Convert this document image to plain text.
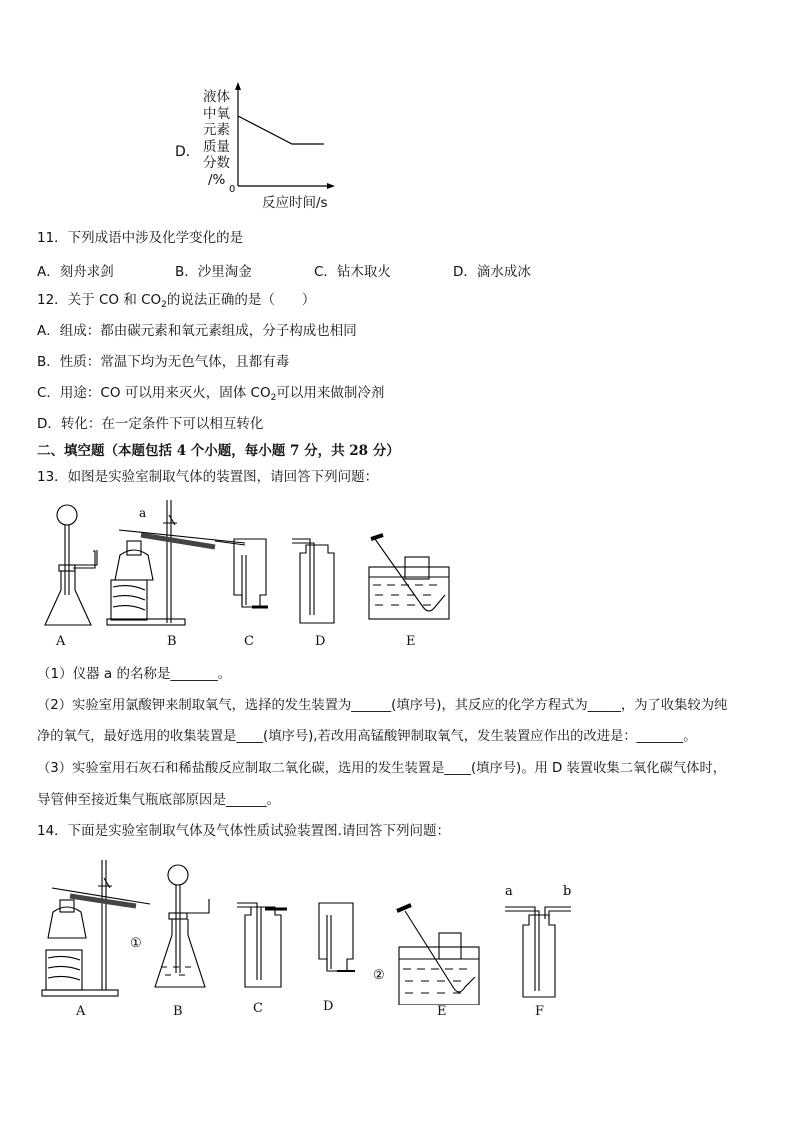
D．
液体
中氧
元素
质量
分数
/%
0
反应时间/s
11．下列成语中涉及化学变化的是
A．刻舟求剑	B．沙里淘金	C．钻木取火	D．滴水成冰
12．关于 CO 和 $CO_2$的说法正确的是（　　）
A．组成：都由碳元素和氧元素组成，分子构成也相同
B．性质：常温下均为无色气体，且都有毒
C．用途：CO 可以用来灭火，固体 $CO_2$可以用来做制冷剂
D．转化：在一定条件下可以相互转化
二、填空题（本题包括 4 个小题，每小题 7 分，共 28 分）
13．如图是实验室制取气体的装置图，请回答下列问题：
a
A	B	C	D	E
（1）仪器 a 的名称是_______。
（2）实验室用氯酸钾来制取氧气，选择的发生装置为______(填序号)，其反应的化学方程式为_____，为了收集较为纯
净的氧气，最好选用的收集装置是____(填序号),若改用高锰酸钾制取氧气，发生装置应作出的改进是：_______。
（3）实验室用石灰石和稀盐酸反应制取二氧化碳，选用的发生装置是____(填序号)。用 D 装置收集二氧化碳气体时，
导管伸至接近集气瓶底部原因是______。
14．下面是实验室制取气体及气体性质试验装置图.请回答下列问题：
①
②
a	b
A	B	C	D	E	F
